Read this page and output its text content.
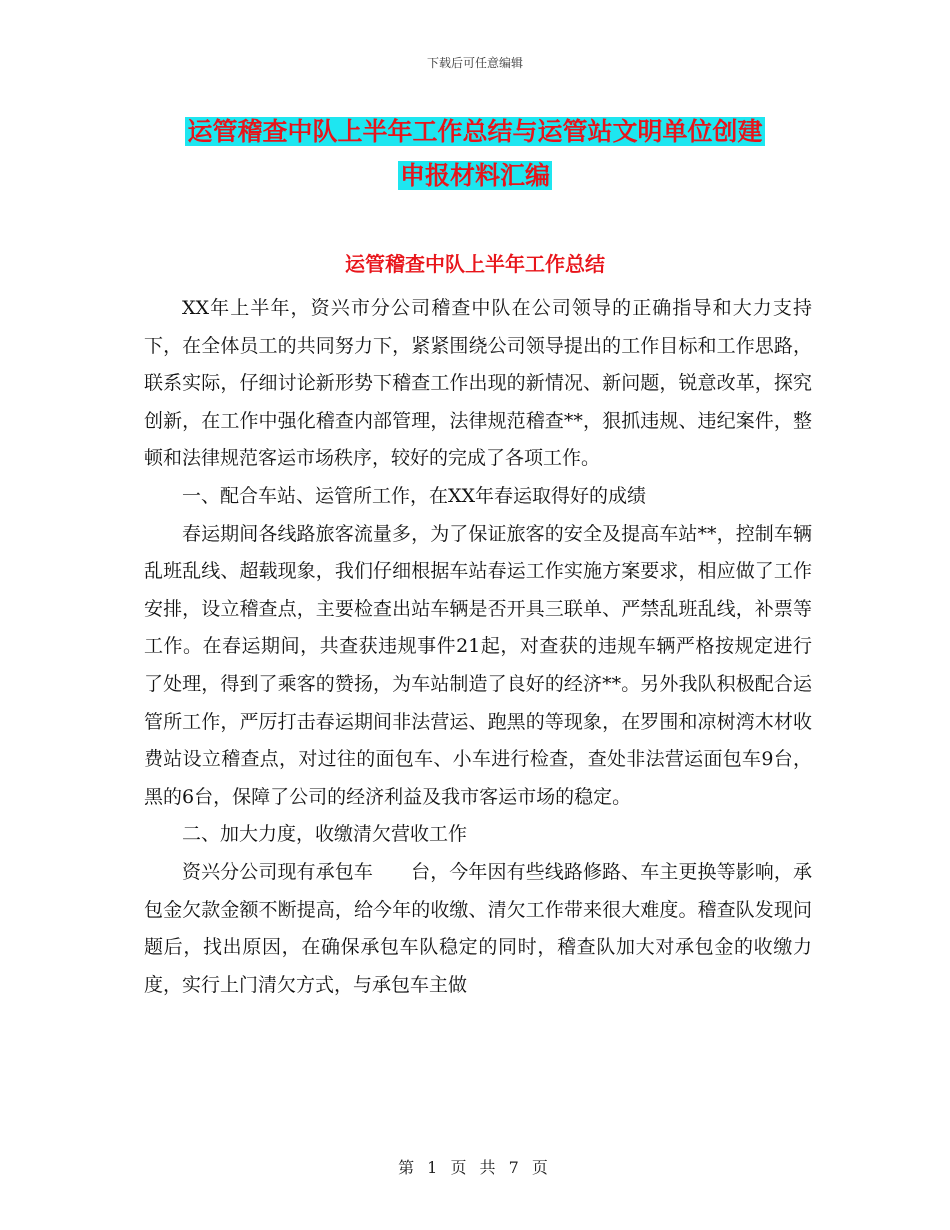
下载后可任意编辑
运管稽查中队上半年工作总结与运管站文明单位创建
申报材料汇编
运管稽查中队上半年工作总结

XX年上半年，资兴市分公司稽查中队在公司领导的正确指导和大力支持下，在全体员工的共同努力下，紧紧围绕公司领导提出的工作目标和工作思路，联系实际，仔细讨论新形势下稽查工作出现的新情况、新问题，锐意改革，探究创新，在工作中强化稽查内部管理，法律规范稽查**，狠抓违规、违纪案件，整顿和法律规范客运市场秩序，较好的完成了各项工作。

一、配合车站、运管所工作，在XX年春运取得好的成绩

春运期间各线路旅客流量多，为了保证旅客的安全及提高车站**，控制车辆乱班乱线、超载现象，我们仔细根据车站春运工作实施方案要求，相应做了工作安排，设立稽查点，主要检查出站车辆是否开具三联单、严禁乱班乱线，补票等工作。在春运期间，共查获违规事件21起，对查获的违规车辆严格按规定进行了处理，得到了乘客的赞扬，为车站制造了良好的经济**。另外我队积极配合运管所工作，严厉打击春运期间非法营运、跑黑的等现象，在罗围和凉树湾木材收费站设立稽查点，对过往的面包车、小车进行检查，查处非法营运面包车9台，黑的6台，保障了公司的经济利益及我市客运市场的稳定。

二、加大力度，收缴清欠营收工作

资兴分公司现有承包车　　台，今年因有些线路修路、车主更换等影响，承包金欠款金额不断提高，给今年的收缴、清欠工作带来很大难度。稽查队发现问题后，找出原因，在确保承包车队稳定的同时，稽查队加大对承包金的收缴力度，实行上门清欠方式，与承包车主做

第 1 页 共 7 页
